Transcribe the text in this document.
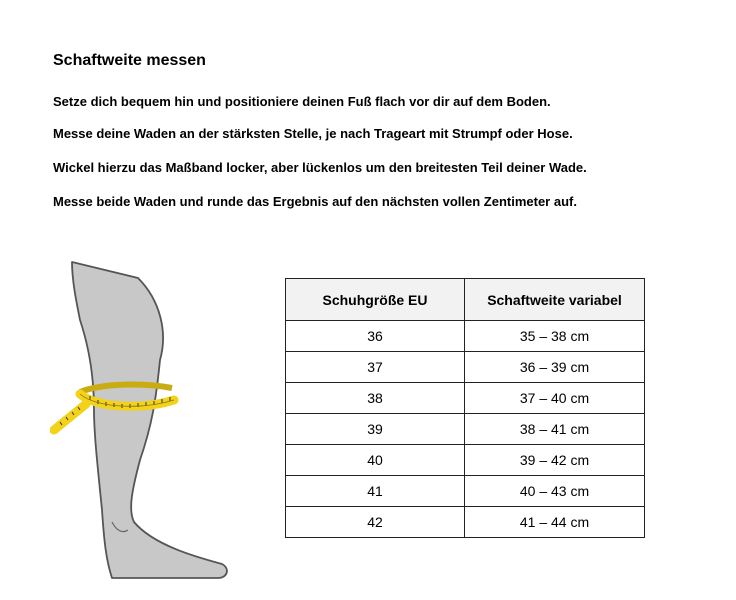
Schaftweite messen

Setze dich bequem hin und positioniere deinen Fuß flach vor dir auf dem Boden.

Messe deine Waden an der stärksten Stelle, je nach Trageart mit Strumpf oder Hose.

Wickel hierzu das Maßband locker, aber lückenlos um den breitesten Teil deiner Wade.

Messe beide Waden und runde das Ergebnis auf den nächsten vollen Zentimeter auf.

Schuhgröße EU	Schaftweite variabel
36	35 – 38 cm
37	36 – 39 cm
38	37 – 40 cm
39	38 – 41 cm
40	39 – 42 cm
41	40 – 43 cm
42	41 – 44 cm
